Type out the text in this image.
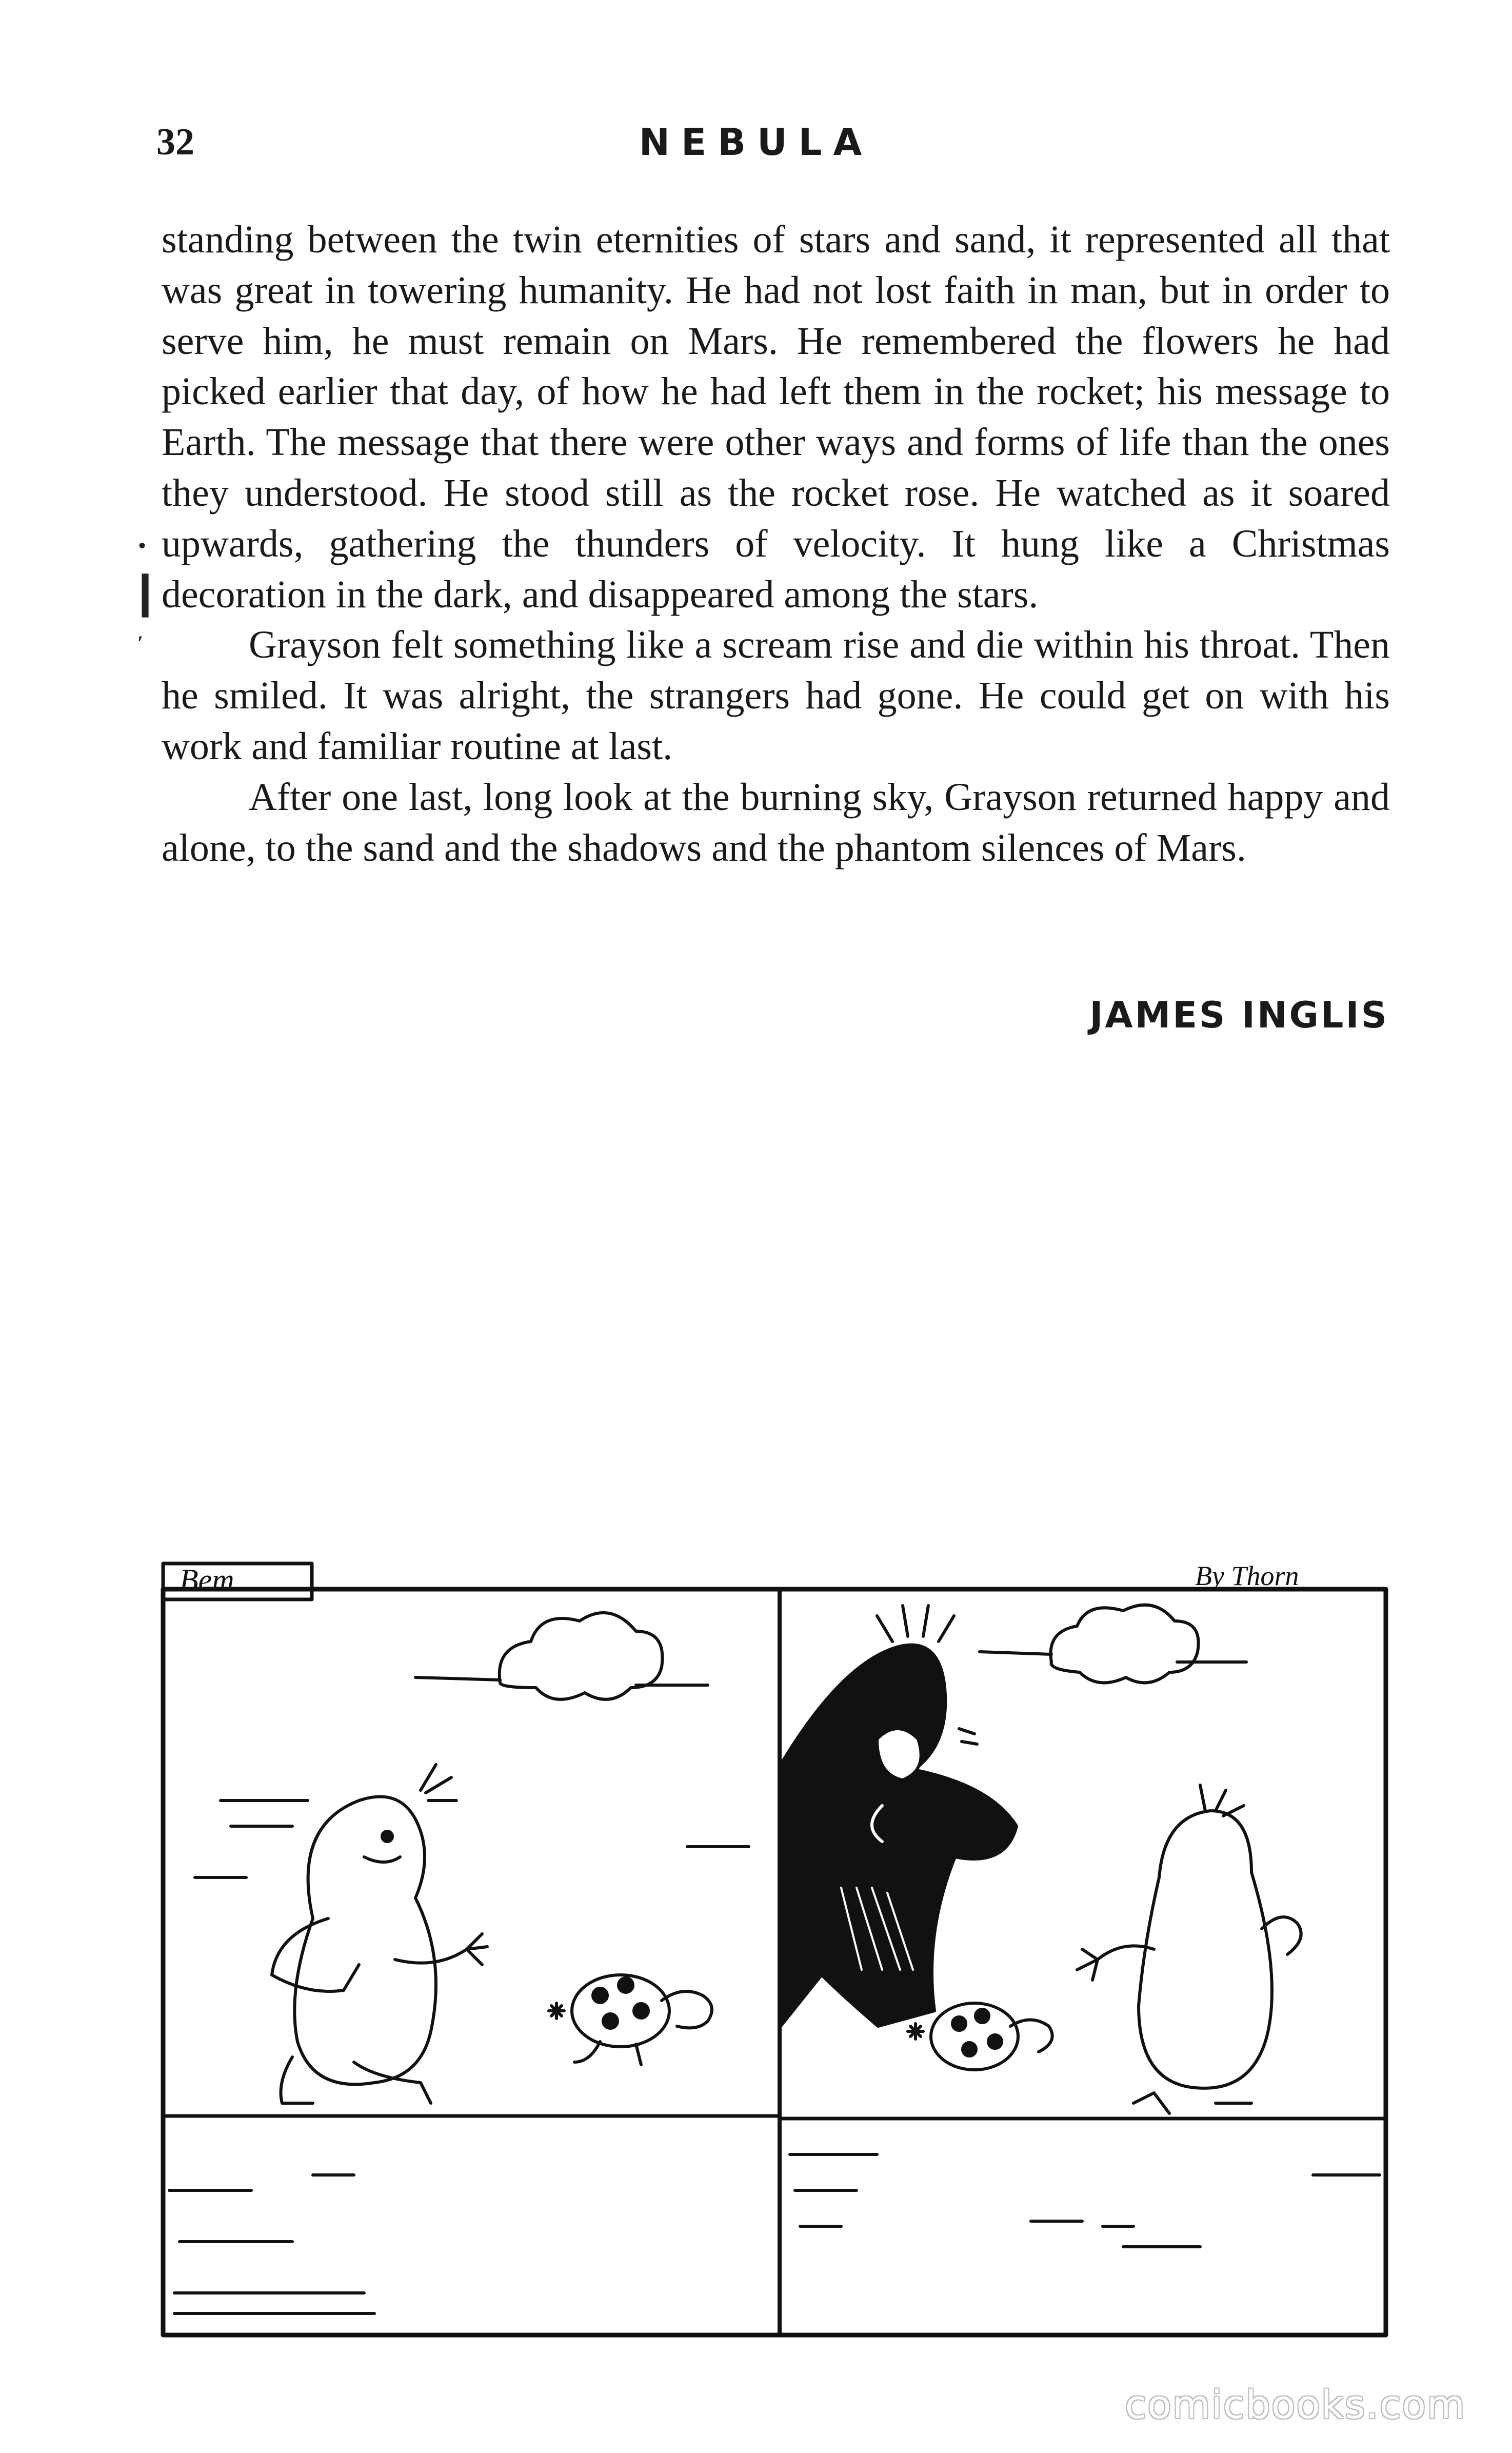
32	NEBULA

standing between the twin eternities of stars and sand, it represented all that was great in towering humanity. He had not lost faith in man, but in order to serve him, he must remain on Mars. He remembered the flowers he had picked earlier that day, of how he had left them in the rocket; his message to Earth. The message that there were other ways and forms of life than the ones they understood. He stood still as the rocket rose. He watched as it soared upwards, gathering the thunders of velocity. It hung like a Christmas decoration in the dark, and disappeared among the stars.

Grayson felt something like a scream rise and die within his throat. Then he smiled. It was alright, the strangers had gone. He could get on with his work and familiar routine at last.

After one last, long look at the burning sky, Grayson returned happy and alone, to the sand and the shadows and the phantom silences of Mars.

JAMES INGLIS
•
┃
′
Bem	By Thorn
comicbooks.com
